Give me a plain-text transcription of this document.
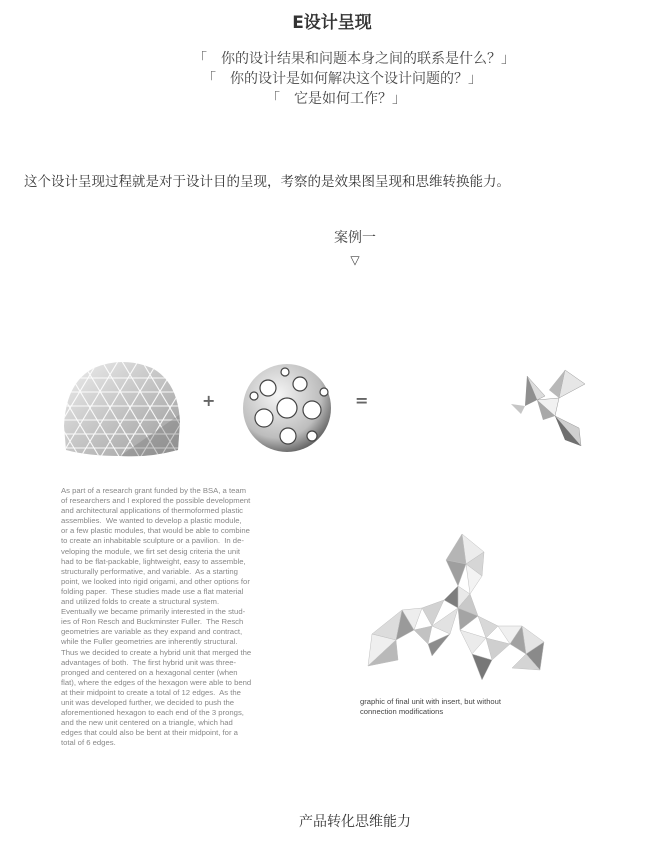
E设计呈现
「　你的设计结果和问题本身之间的联系是什么？」
「　你的设计是如何解决这个设计问题的？」
「　它是如何工作？」
这个设计呈现过程就是对于设计目的呈现，考察的是效果图呈现和思维转换能力。
案例一
▽
+	=
As part of a research grant funded by the BSA, a team
of researchers and I explored the possible development
and architectural applications of thermoformed plastic
assemblies.  We wanted to develop a plastic module,
or a few plastic modules, that would be able to combine
to create an inhabitable sculpture or a pavilion.  In de-
veloping the module, we firt set desig criteria the unit
had to be flat-packable, lightweight, easy to assemble,
structurally performative, and variable.  As a starting
point, we looked into rigid origami, and other options for
folding paper.  These studies made use a flat material
and utilized folds to create a structural system.
Eventually we became primarily interested in the stud-
ies of Ron Resch and Buckminster Fuller.  The Resch
geometries are variable as they expand and contract,
while the Fuller geometries are inherently structural.
Thus we decided to create a hybrid unit that merged the
advantages of both.  The first hybrid unit was three-
pronged and centered on a hexagonal center (when
flat), where the edges of the hexagon were able to bend
at their midpoint to create a total of 12 edges.  As the
unit was developed further, we decided to push the
aforementioned hexagon to each end of the 3 prongs,
and the new unit centered on a triangle, which had
edges that could also be bent at their midpoint, for a
total of 6 edges.
graphic of final unit with insert, but without
connection modifications
产品转化思维能力
